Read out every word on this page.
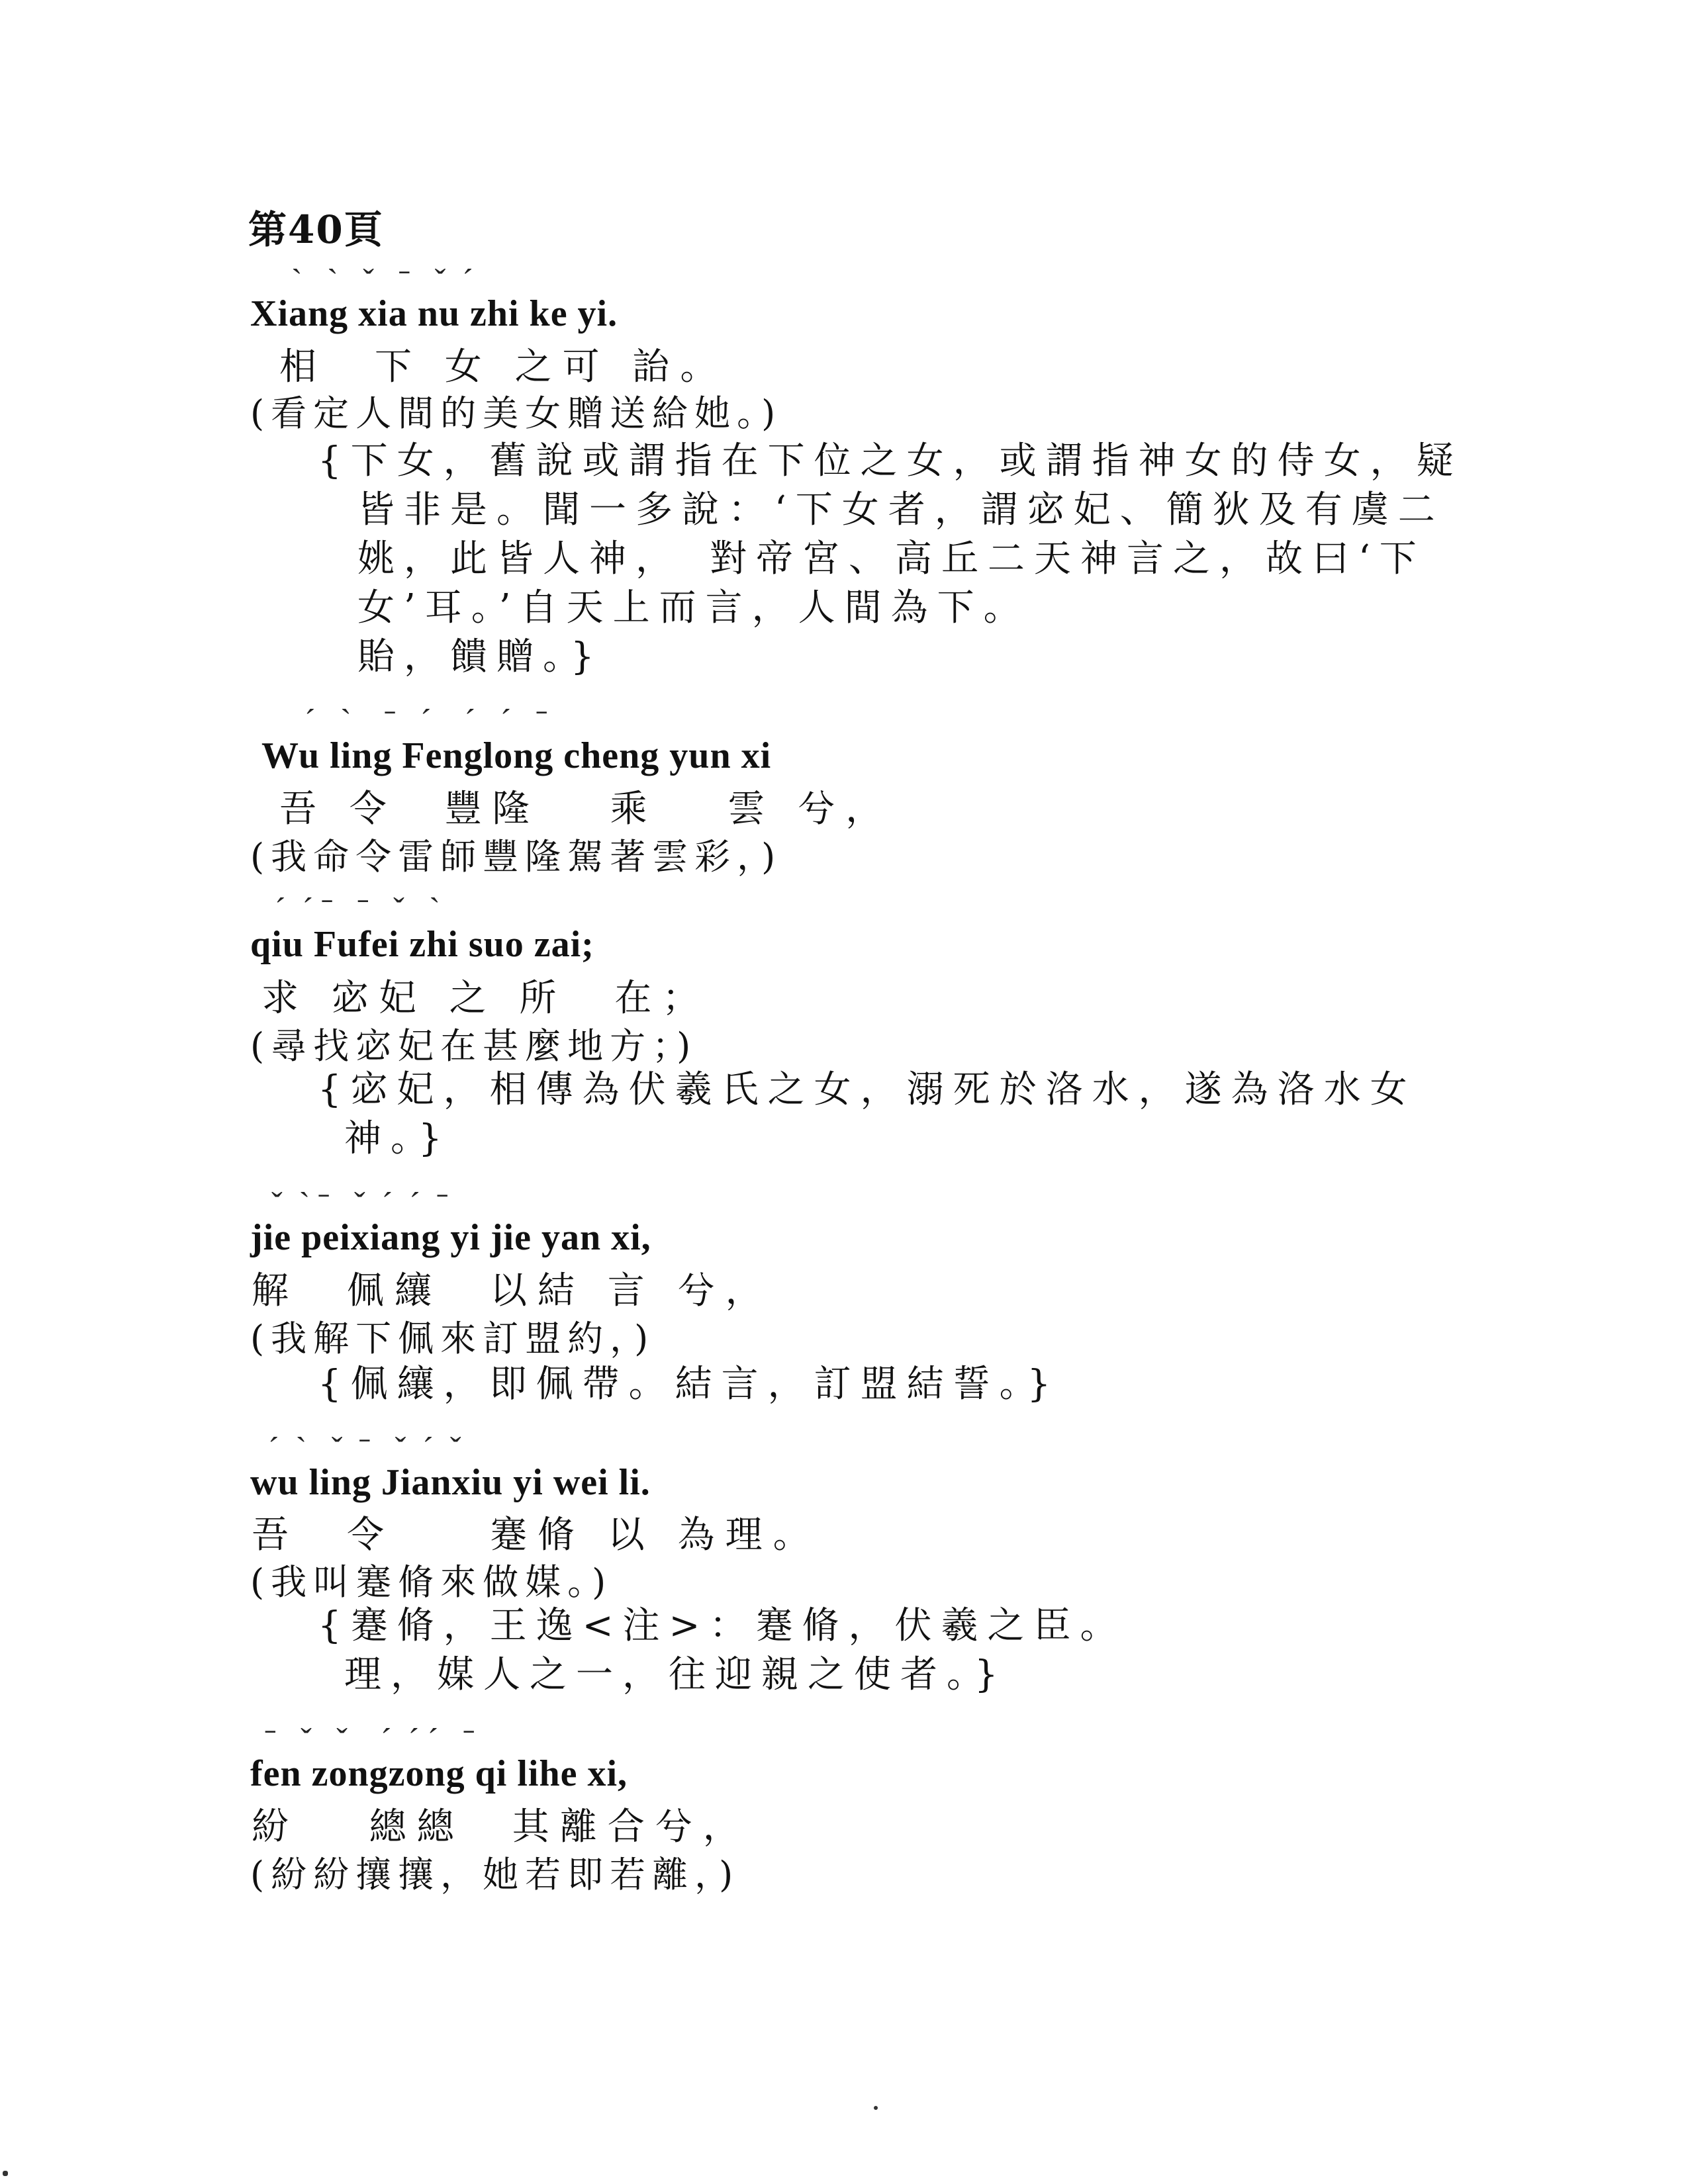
第40頁
ˋ   ˋ   ˇ   ˉ   ˇ  ˊ
Xiang xia nu zhi ke yi.
相　下 女 之可 詒。
(看定人間的美女贈送給她。)
{下女，舊說或謂指在下位之女，或謂指神女的侍女，疑
皆非是。聞一多說：‘下女者，謂宓妃、簡狄及有虞二
姚，此皆人神，　對帝宮、高丘二天神言之，故曰‘下
女’耳。’自天上而言，人間為下。
貽，饋贈。}
ˊ   ˋ    ˉ   ˊ    ˊ   ˊ   ˉ
Wu ling Fenglong cheng yun xi
吾 令　豐隆　 乘　 雲 兮，
(我命令雷師豐隆駕著雲彩，)
ˊ  ˊ ˉ   ˉ   ˇ   ˋ
qiu Fufei zhi suo zai;
求 宓妃 之 所　在；
(尋找宓妃在甚麼地方；)
{宓妃，相傳為伏羲氏之女，溺死於洛水，遂為洛水女
神。}
ˇ  ˋ ˉ   ˇ  ˊ  ˊ  ˉ
jie peixiang yi jie yan xi,
解　佩纕　以結 言 兮，
(我解下佩來訂盟約，)
{佩纕，即佩帶。結言，訂盟結誓。}
ˊ  ˋ   ˇ  ˉ   ˇ  ˊ  ˇ
wu ling Jianxiu yi wei li.
吾　令　　蹇脩 以 為理。
(我叫蹇脩來做媒。)
{蹇脩，王逸<注>：蹇脩，伏羲之臣。
理，媒人之一，往迎親之使者。}
ˉ   ˇ   ˇ    ˊ  ˊ ˊ   ˉ
fen zongzong qi lihe xi,
紛　 總總　其離合兮，
(紛紛攘攘，她若即若離，)
